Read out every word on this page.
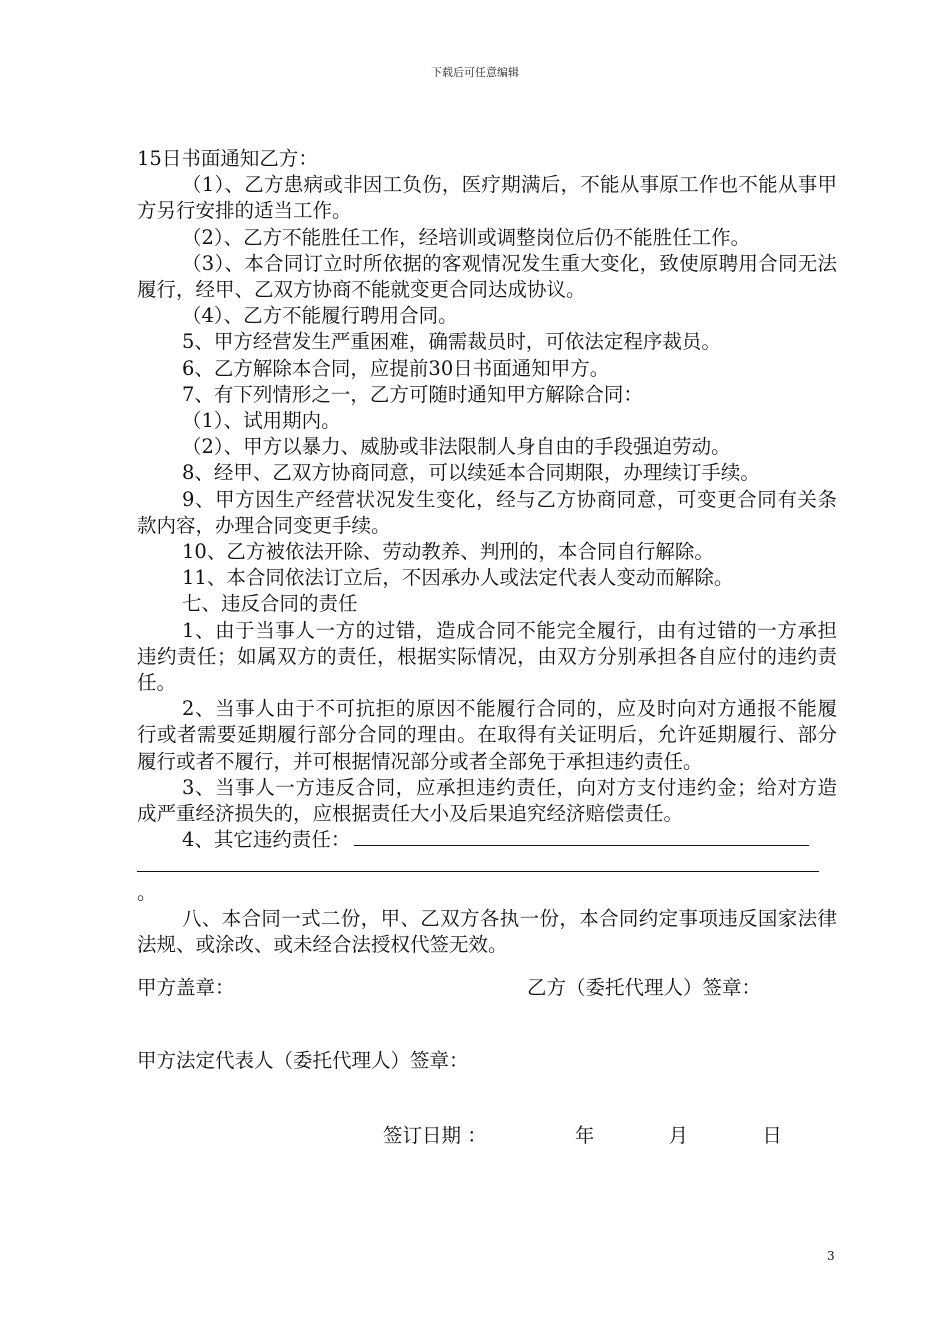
下载后可任意编辑

15日书面通知乙方：

（1）、乙方患病或非因工负伤，医疗期满后，不能从事原工作也不能从事甲方另行安排的适当工作。

（2）、乙方不能胜任工作，经培训或调整岗位后仍不能胜任工作。

（3）、本合同订立时所依据的客观情况发生重大变化，致使原聘用合同无法履行，经甲、乙双方协商不能就变更合同达成协议。

（4）、乙方不能履行聘用合同。

5、甲方经营发生严重困难，确需裁员时，可依法定程序裁员。

6、乙方解除本合同，应提前30日书面通知甲方。

7、有下列情形之一，乙方可随时通知甲方解除合同：

（1）、试用期内。

（2）、甲方以暴力、威胁或非法限制人身自由的手段强迫劳动。

8、经甲、乙双方协商同意，可以续延本合同期限，办理续订手续。

9、甲方因生产经营状况发生变化，经与乙方协商同意，可变更合同有关条款内容，办理合同变更手续。

10、乙方被依法开除、劳动教养、判刑的，本合同自行解除。

11、本合同依法订立后，不因承办人或法定代表人变动而解除。

七、违反合同的责任

1、由于当事人一方的过错，造成合同不能完全履行，由有过错的一方承担违约责任；如属双方的责任，根据实际情况，由双方分别承担各自应付的违约责任。

2、当事人由于不可抗拒的原因不能履行合同的，应及时向对方通报不能履行或者需要延期履行部分合同的理由。在取得有关证明后，允许延期履行、部分履行或者不履行，并可根据情况部分或者全部免于承担违约责任。

3、当事人一方违反合同，应承担违约责任，向对方支付违约金；给对方造成严重经济损失的，应根据责任大小及后果追究经济赔偿责任。

4、其它违约责任：

。

八、本合同一式二份，甲、乙双方各执一份，本合同约定事项违反国家法律法规、或涂改、或未经合法授权代签无效。

甲方盖章：	乙方（委托代理人）签章：
甲方法定代表人（委托代理人）签章：
签订日期 ：	年	月	日
3
